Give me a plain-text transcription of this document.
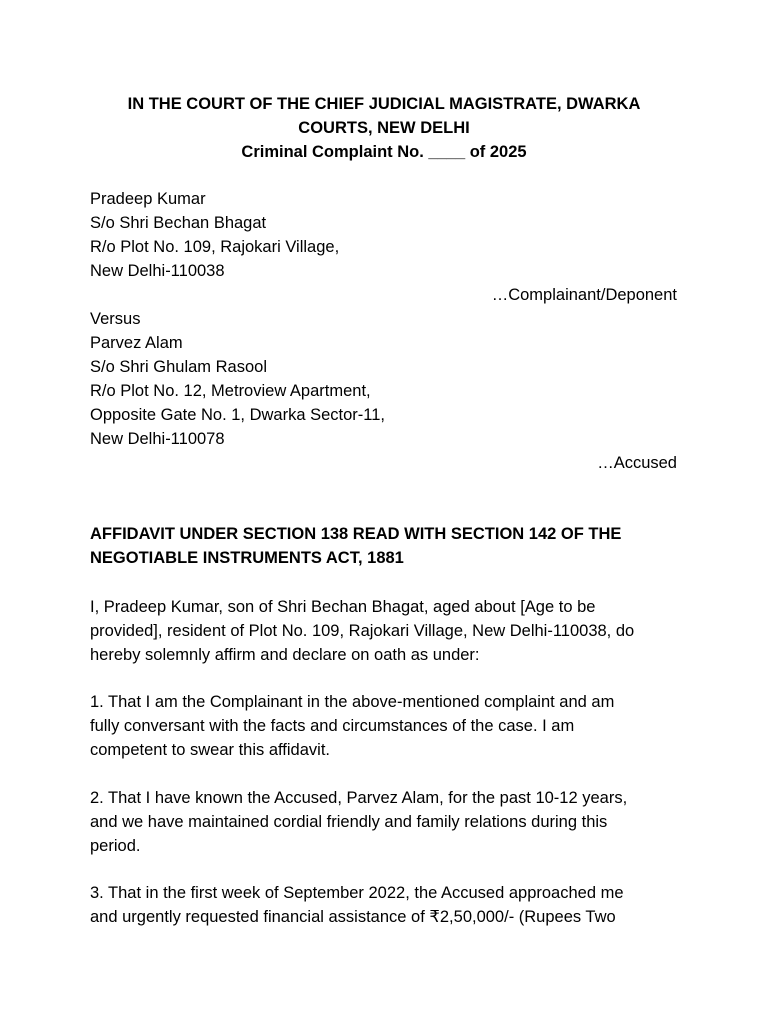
IN THE COURT OF THE CHIEF JUDICIAL MAGISTRATE, DWARKA
COURTS, NEW DELHI
Criminal Complaint No. ____ of 2025
Pradeep Kumar
S/o Shri Bechan Bhagat
R/o Plot No. 109, Rajokari Village,
New Delhi-110038
…Complainant/Deponent
Versus
Parvez Alam
S/o Shri Ghulam Rasool
R/o Plot No. 12, Metroview Apartment,
Opposite Gate No. 1, Dwarka Sector-11,
New Delhi-110078
…Accused
AFFIDAVIT UNDER SECTION 138 READ WITH SECTION 142 OF THE
NEGOTIABLE INSTRUMENTS ACT, 1881
I, Pradeep Kumar, son of Shri Bechan Bhagat, aged about [Age to be
provided], resident of Plot No. 109, Rajokari Village, New Delhi-110038, do
hereby solemnly affirm and declare on oath as under:
1. That I am the Complainant in the above-mentioned complaint and am
fully conversant with the facts and circumstances of the case. I am
competent to swear this affidavit.
2. That I have known the Accused, Parvez Alam, for the past 10-12 years,
and we have maintained cordial friendly and family relations during this
period.
3. That in the first week of September 2022, the Accused approached me
and urgently requested financial assistance of ₹2,50,000/- (Rupees Two
